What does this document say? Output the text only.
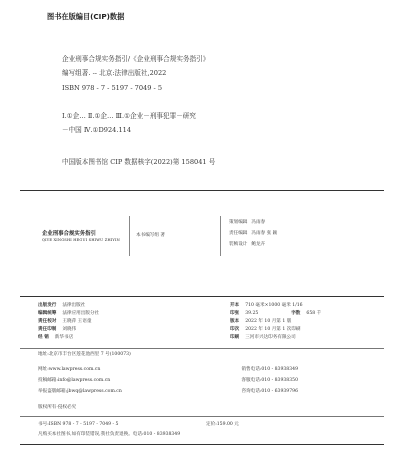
图书在版编目(CIP)数据
企业刑事合规实务指引/《企业刑事合规实务指引》
编写组著. -- 北京:法律出版社,2022
ISBN 978 - 7 - 5197 - 7049 - 5
Ⅰ.①企… Ⅱ.①企… Ⅲ.①企业－刑事犯罪－研究
－中国 Ⅳ.①D924.114
中国版本图书馆 CIP 数据核字(2022)第 158041 号
企业刑事合规实务指引
QIYE XINGSHI HEGUI SHIWU ZHIYIN
本书编写组 著
策划编辑 冯雨春
责任编辑 冯雨春 张 颖
装帧设计 鲍龙卉
出版发行 法律出版社
编辑统筹 法律应用出版分社
责任校对 王晓萍 王语童
责任印制 刘晓伟
经 销 新华书店
开本 710 毫米×1000 毫米 1/16
印张 39.25	字数 658 千
版本 2022 年 10 月第 1 版
印次 2022 年 10 月第 1 次印刷
印刷 三河市兴达印务有限公司
地址:北京市丰台区莲花池西里 7 号(100073)
网址:www.lawpress.com.cn	销售电话:010 - 83938349
投稿邮箱:info@lawpress.com.cn	客服电话:010 - 83938350
举报盗版邮箱:jbwq@lawpress.com.cn	咨询电话:010 - 63939796
版权所有·侵权必究
书号:ISBN 978 - 7 - 5197 - 7049 - 5	定价:159.00 元
凡购买本社图书,如有印装错误,我社负责退换。电话:010 - 83938349
